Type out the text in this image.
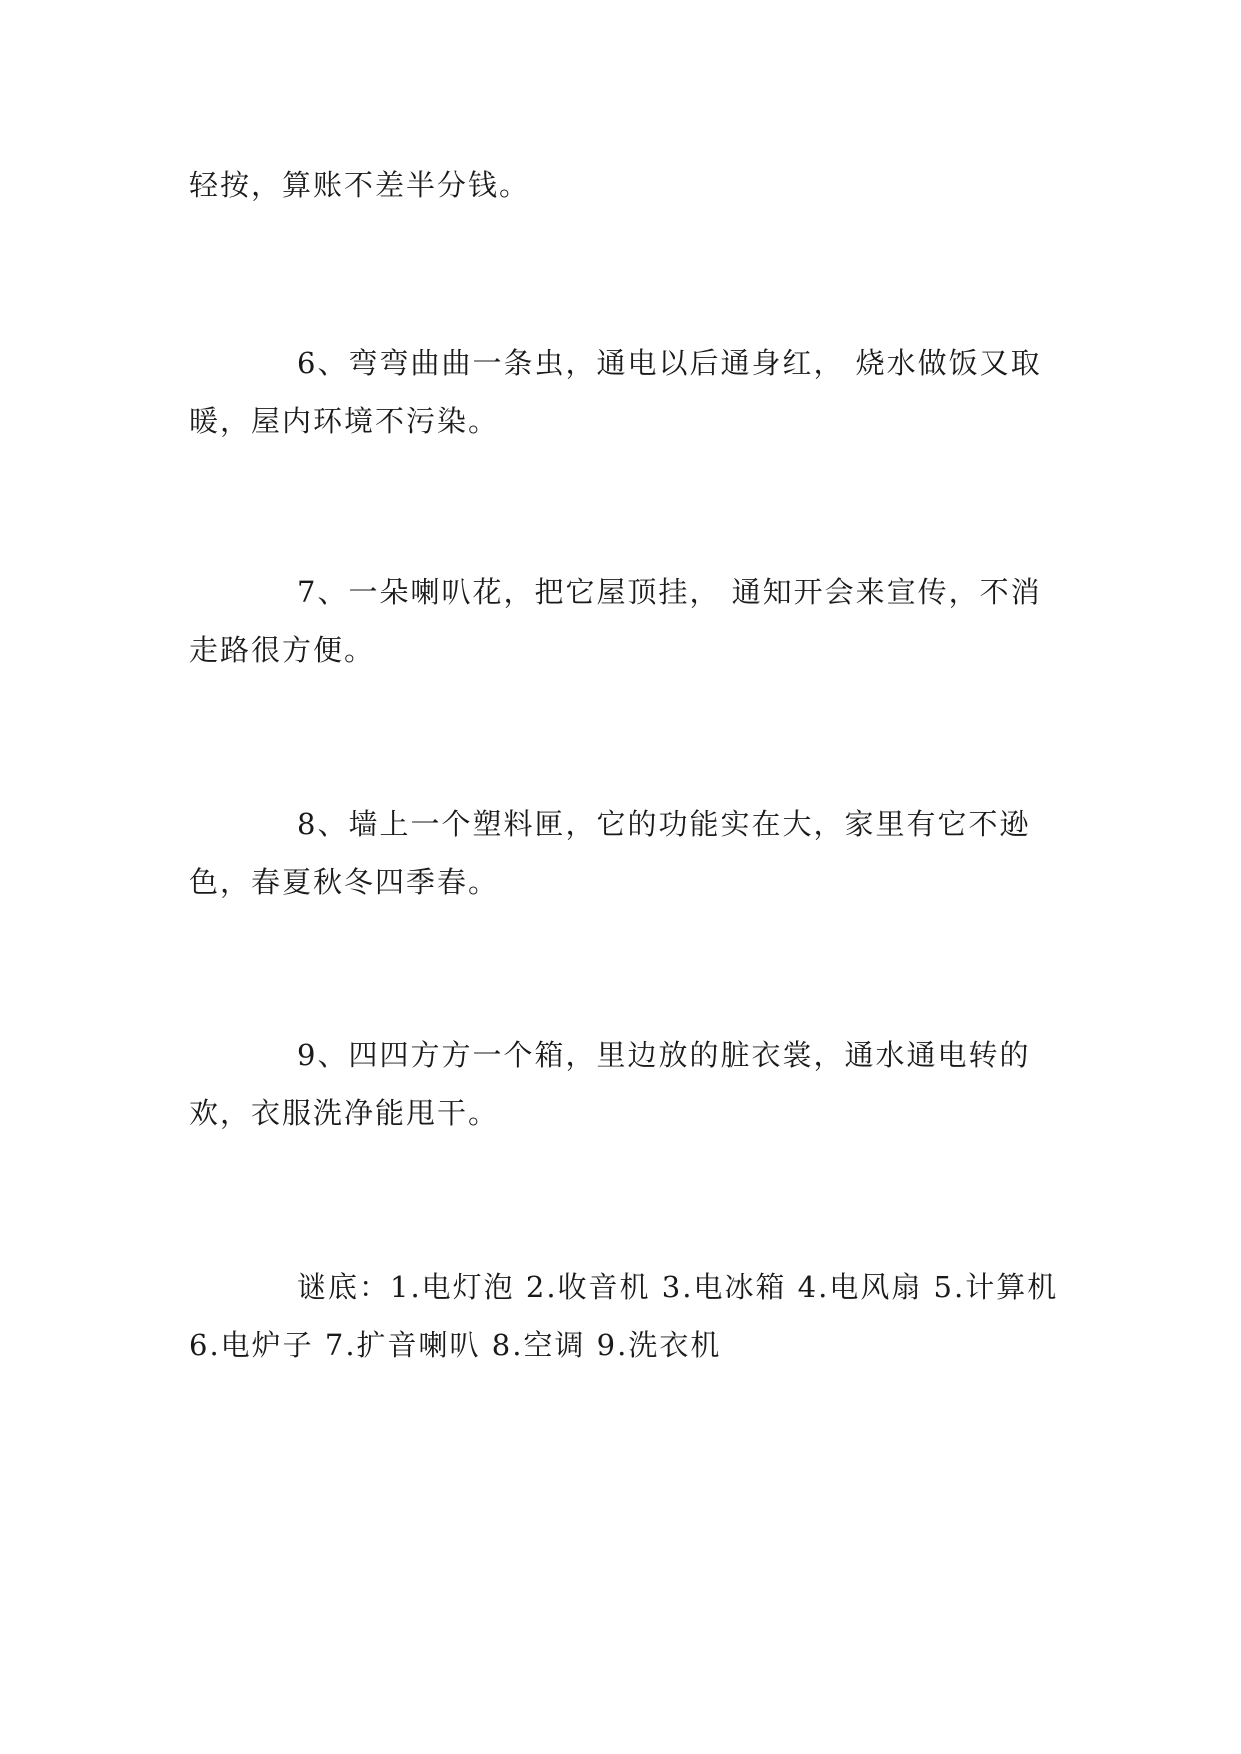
轻按，算账不差半分钱。

6、弯弯曲曲一条虫，通电以后通身红， 烧水做饭又取暖，屋内环境不污染。

7、一朵喇叭花，把它屋顶挂， 通知开会来宣传，不消走路很方便。

8、墙上一个塑料匣，它的功能实在大，家里有它不逊色，春夏秋冬四季春。

9、四四方方一个箱，里边放的脏衣裳，通水通电转的欢，衣服洗净能甩干。

谜底：1.电灯泡 2.收音机 3.电冰箱 4.电风扇 5.计算机 6.电炉子 7.扩音喇叭 8.空调 9.洗衣机
